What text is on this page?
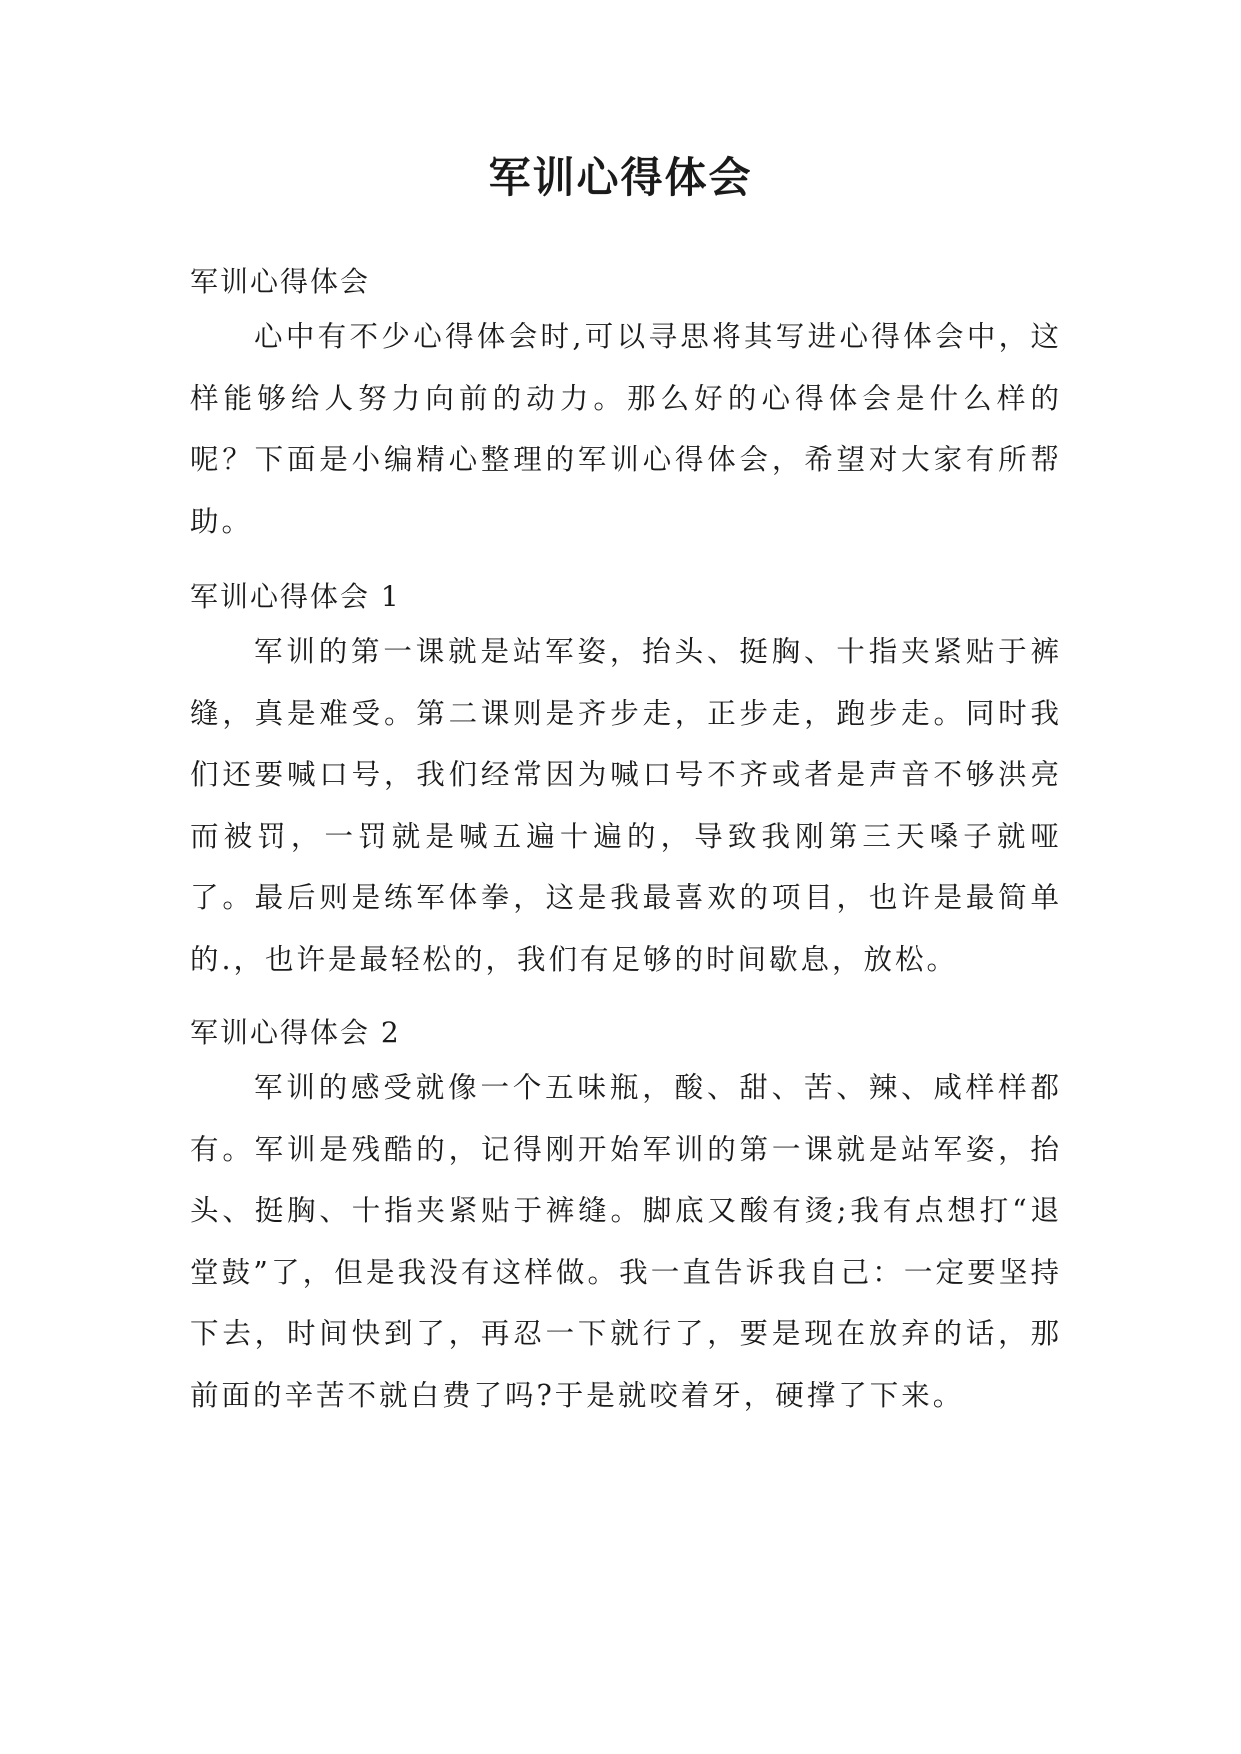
军训心得体会
军训心得体会

心中有不少心得体会时,可以寻思将其写进心得体会中，这样能够给人努力向前的动力。那么好的心得体会是什么样的呢？下面是小编精心整理的军训心得体会，希望对大家有所帮助。

军训心得体会 1

军训的第一课就是站军姿，抬头、挺胸、十指夹紧贴于裤缝，真是难受。第二课则是齐步走，正步走，跑步走。同时我们还要喊口号，我们经常因为喊口号不齐或者是声音不够洪亮而被罚，一罚就是喊五遍十遍的，导致我刚第三天嗓子就哑了。最后则是练军体拳，这是我最喜欢的项目，也许是最简单的.，也许是最轻松的，我们有足够的时间歇息，放松。

军训心得体会 2

军训的感受就像一个五味瓶，酸、甜、苦、辣、咸样样都有。军训是残酷的，记得刚开始军训的第一课就是站军姿，抬头、挺胸、十指夹紧贴于裤缝。脚底又酸有烫;我有点想打“退堂鼓”了，但是我没有这样做。我一直告诉我自己：一定要坚持下去，时间快到了，再忍一下就行了，要是现在放弃的话，那前面的辛苦不就白费了吗?于是就咬着牙，硬撑了下来。
